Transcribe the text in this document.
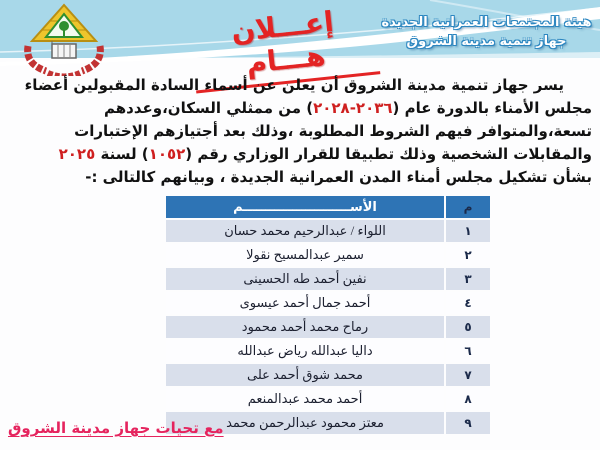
هيئة المجتمعات العمرانية الجديدة
جهاز تنمية مدينة الشروق
إعـــلان هـــام
يسر جهاز تنمية مدينة الشروق أن يعلن عن أسماء السادة المقبولين أعضاء
مجلس الأمناء بالدورة عام (٢٠٣٦-٢٠٢٨) من ممثلي السكان،وعددهم
تسعة،والمتوافر فيهم الشروط المطلوبة ،وذلك بعد أجتيازهم الإختبارات
والمقابلات الشخصية وذلك تطبيقا للقرار الوزاري رقم (١٠٥٢) لسنة ٢٠٢٥
بشأن تشكيل مجلس أمناء المدن العمرانية الجديدة ، وبيانهم كالتالى :-
م
الأســــــــــــــــــــــــم
١
اللواء / عبدالرحيم محمد حسان
٢
سمير عبدالمسيح نقولا
٣
نفين أحمد طه الحسينى
٤
أحمد جمال أحمد عيسوى
٥
رماح محمد أحمد محمود
٦
داليا عبدالله رياض عبدالله
٧
محمد شوق أحمد على
٨
أحمد محمد عبدالمنعم
٩
معتز محمود عبدالرحمن محمد
مع تحيات جهاز مدينة الشروق
